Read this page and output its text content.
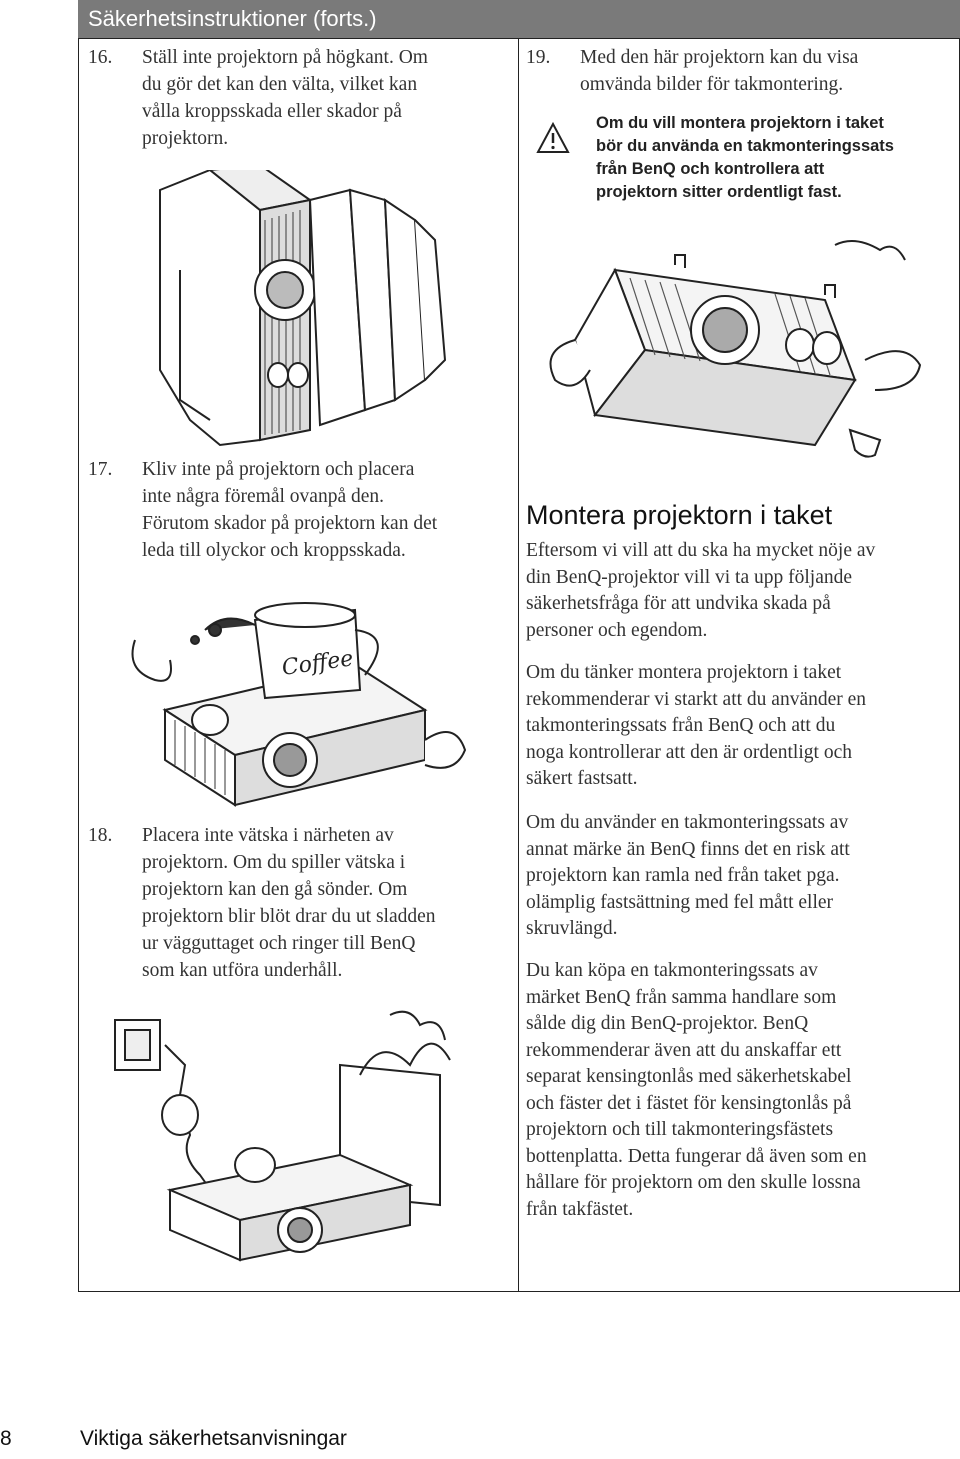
Säkerhetsinstruktioner (forts.)
16. Ställ inte projektorn på högkant. Om
du gör det kan den välta, vilket kan
vålla kroppsskada eller skador på
projektorn.
17. Kliv inte på projektorn och placera
inte några föremål ovanpå den.
Förutom skador på projektorn kan det
leda till olyckor och kroppsskada.
Coffee
18. Placera inte vätska i närheten av
projektorn. Om du spiller vätska i
projektorn kan den gå sönder. Om
projektorn blir blöt drar du ut sladden
ur vägguttaget och ringer till BenQ
som kan utföra underhåll.
19. Med den här projektorn kan du visa
omvända bilder för takmontering.
Om du vill montera projektorn i taket
bör du använda en takmonteringssats
från BenQ och kontrollera att
projektorn sitter ordentligt fast.
Montera projektorn i taket
Eftersom vi vill att du ska ha mycket nöje av
din BenQ-projektor vill vi ta upp följande
säkerhetsfråga för att undvika skada på
personer och egendom.
Om du tänker montera projektorn i taket
rekommenderar vi starkt att du använder en
takmonteringssats från BenQ och att du
noga kontrollerar att den är ordentligt och
säkert fastsatt.
Om du använder en takmonteringssats av
annat märke än BenQ finns det en risk att
projektorn kan ramla ned från taket pga.
olämplig fastsättning med fel mått eller
skruvlängd.
Du kan köpa en takmonteringssats av
märket BenQ från samma handlare som
sålde dig din BenQ-projektor. BenQ
rekommenderar även att du anskaffar ett
separat kensingtonlås med säkerhetskabel
och fäster det i fästet för kensingtonlås på
projektorn och till takmonteringsfästets
bottenplatta. Detta fungerar då även som en
hållare för projektorn om den skulle lossna
från takfästet.
8	Viktiga säkerhetsanvisningar
